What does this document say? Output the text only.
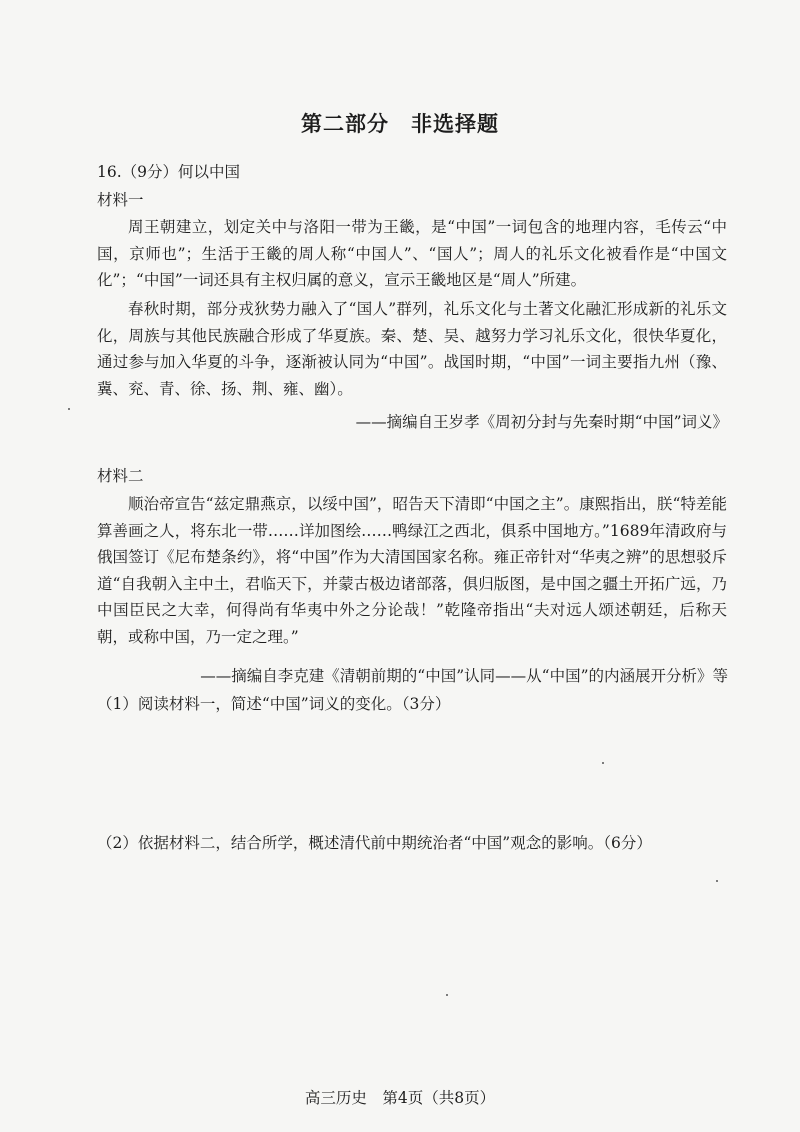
第二部分 非选择题
16.（9分）何以中国
材料一

周王朝建立，划定关中与洛阳一带为王畿，是“中国”一词包含的地理内容，毛传云“中国，京师也”；生活于王畿的周人称“中国人”、“国人”；周人的礼乐文化被看作是“中国文化”；“中国”一词还具有主权归属的意义，宣示王畿地区是“周人”所建。

春秋时期，部分戎狄势力融入了“国人”群列，礼乐文化与土著文化融汇形成新的礼乐文化，周族与其他民族融合形成了华夏族。秦、楚、吴、越努力学习礼乐文化，很快华夏化，通过参与加入华夏的斗争，逐渐被认同为“中国”。战国时期，“中国”一词主要指九州（豫、冀、兖、青、徐、扬、荆、雍、幽）。

——摘编自王岁孝《周初分封与先秦时期“中国”词义》
材料二

顺治帝宣告“兹定鼎燕京，以绥中国”，昭告天下清即“中国之主”。康熙指出，朕“特差能算善画之人，将东北一带……详加图绘……鸭绿江之西北，俱系中国地方。”1689年清政府与俄国签订《尼布楚条约》，将“中国”作为大清国国家名称。雍正帝针对“华夷之辨”的思想驳斥道“自我朝入主中土，君临天下，并蒙古极边诸部落，俱归版图，是中国之疆土开拓广远，乃中国臣民之大幸，何得尚有华夷中外之分论哉！”乾隆帝指出“夫对远人颂述朝廷，后称天朝，或称中国，乃一定之理。”

——摘编自李克建《清朝前期的“中国”认同——从“中国”的内涵展开分析》等
（1）阅读材料一，简述“中国”词义的变化。（3分）
（2）依据材料二，结合所学，概述清代前中期统治者“中国”观念的影响。（6分）
高三历史　第4页（共8页）
